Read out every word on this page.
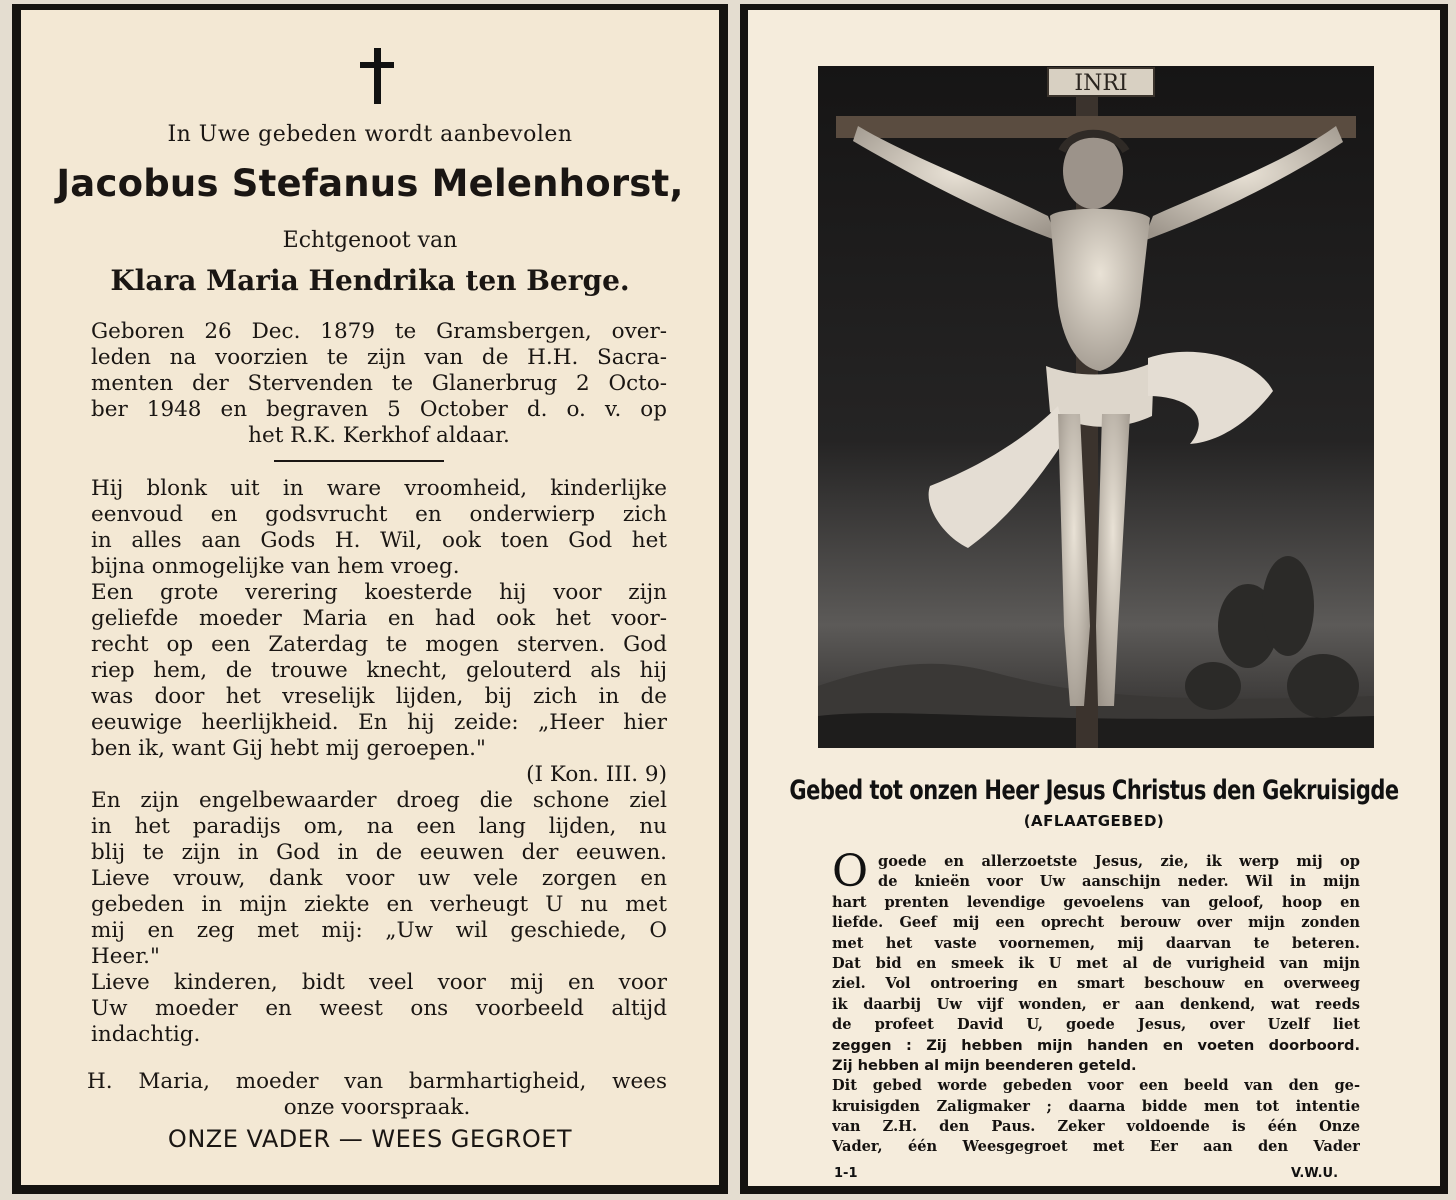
In Uwe gebeden wordt aanbevolen
Jacobus Stefanus Melenhorst,
Echtgenoot van
Klara Maria Hendrika ten Berge.
Geboren 26 Dec. 1879 te Gramsbergen, over-
leden na voorzien te zijn van de H.H. Sacra-
menten der Stervenden te Glanerbrug 2 Octo-
ber 1948 en begraven 5 October d. o. v. op
het R.K. Kerkhof aldaar.
Hij blonk uit in ware vroomheid, kinderlijke
eenvoud en godsvrucht en onderwierp zich
in alles aan Gods H. Wil, ook toen God het
bijna onmogelijke van hem vroeg.
Een grote verering koesterde hij voor zijn
geliefde moeder Maria en had ook het voor-
recht op een Zaterdag te mogen sterven. God
riep hem, de trouwe knecht, gelouterd als hij
was door het vreselijk lijden, bij zich in de
eeuwige heerlijkheid. En hij zeide: „Heer hier
ben ik, want Gij hebt mij geroepen."
(I Kon. III. 9)
En zijn engelbewaarder droeg die schone ziel
in het paradijs om, na een lang lijden, nu
blij te zijn in God in de eeuwen der eeuwen.
Lieve vrouw, dank voor uw vele zorgen en
gebeden in mijn ziekte en verheugt U nu met
mij en zeg met mij: „Uw wil geschiede, O
Heer."
Lieve kinderen, bidt veel voor mij en voor
Uw moeder en weest ons voorbeeld altijd
indachtig.
H. Maria, moeder van barmhartigheid, wees
onze voorspraak.
ONZE VADER — WEES GEGROET
INRI
Gebed tot onzen Heer Jesus Christus den Gekruisigde
(AFLAATGEBED)
O goede en allerzoetste Jesus, zie, ik werp mij op
de knieën voor Uw aanschijn neder. Wil in mijn
hart prenten levendige gevoelens van geloof, hoop en
liefde. Geef mij een oprecht berouw over mijn zonden
met het vaste voornemen, mij daarvan te beteren.
Dat bid en smeek ik U met al de vurigheid van mijn
ziel. Vol ontroering en smart beschouw en overweeg
ik daarbij Uw vijf wonden, er aan denkend, wat reeds
de profeet David U, goede Jesus, over Uzelf liet
zeggen : Zij hebben mijn handen en voeten doorboord.
Zij hebben al mijn beenderen geteld.
Dit gebed worde gebeden voor een beeld van den ge-
kruisigden Zaligmaker ; daarna bidde men tot intentie
van Z.H. den Paus. Zeker voldoende is één Onze
Vader, één Weesgegroet met Eer aan den Vader
1-1	V.W.U.
